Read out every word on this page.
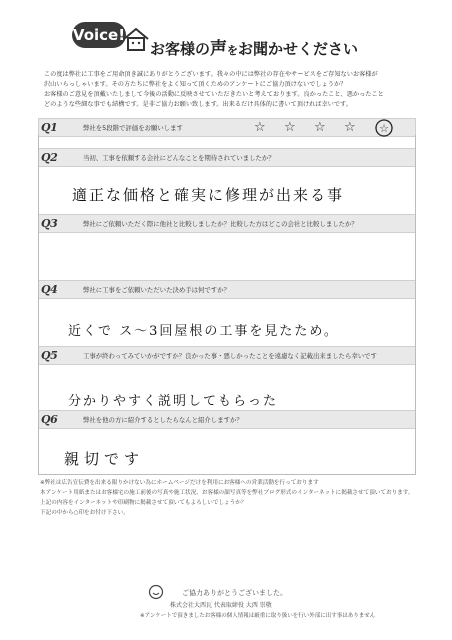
Voice!
お客様の声をお聞かせください
この度は弊社に工事をご用命頂き誠にありがとうございます。我々の中には弊社の存在やサービスをご存知ないお客様が
沢山いらっしゃいます。その方たちに弊社をよく知って頂くためのアンケートにご協力頂けないでしょうか？
お客様のご意見を頂戴いたしまして今後の活動に反映させていただきたいと考えております。良かったこと、悪かったこと
どのような些細な事でも結構です。是非ご協力お願い致します。出来るだけ具体的に書いて頂ければ幸いです。
Q1	弊社を5段階で評価をお願いします	☆ ☆ ☆ ☆ ☆
Q2	当初、工事を依頼する会社にどんなことを期待されていましたか？
適正な価格と確実に修理が出来る事
Q3	弊社にご依頼いただく際に他社と比較しましたか？比較した方はどこの会社と比較しましたか？
Q4	弊社に工事をご依頼いただいた決め手は何ですか？
近くで ス〜3回屋根の工事を見たため。
Q5	工事が終わってみていかがですか？良かった事・悪しかったことを遠慮なく記載出来ましたら幸いです
分かりやすく説明してもらった
Q6	弊社を他の方に紹介するとしたらなんと紹介しますか？
親切です
※弊社は広告宣伝費を出来る限りかけない為にホームページだけを利用にお客様への営業活動を行っております
本アンケート用紙またはお客様宅の施工前後の写真や施工状況、お客様の顔写真等を弊社ブログ形式のインターネットに掲載させて頂いております。
上記の内容をインターネットや印刷物に掲載させて頂いてもよろしいでしょうか？
下記の中から○印をお付け下さい。
ご協力ありがとうございました。
株式会社大西瓦 代表取締役 大西 崇敬
※アンケートで頂きましたお客様の個人情報は厳重に取り扱いを行い外部に出す事はありません
